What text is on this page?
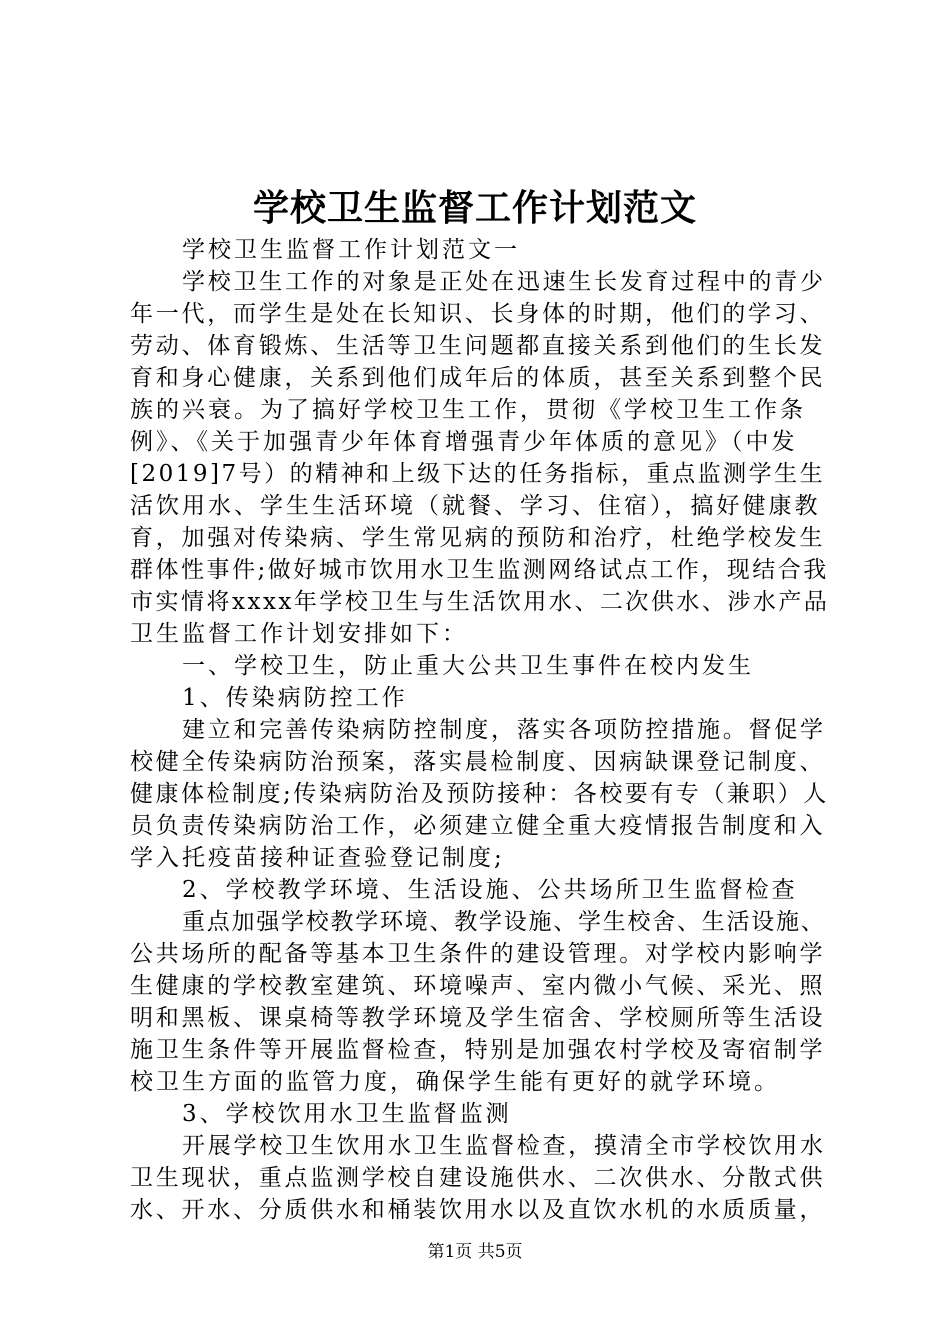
学校卫生监督工作计划范文
学校卫生监督工作计划范文一
学校卫生工作的对象是正处在迅速生长发育过程中的青少
年一代，而学生是处在长知识、长身体的时期，他们的学习、
劳动、体育锻炼、生活等卫生问题都直接关系到他们的生长发
育和身心健康，关系到他们成年后的体质，甚至关系到整个民
族的兴衰。为了搞好学校卫生工作，贯彻《学校卫生工作条
例》、《关于加强青少年体育增强青少年体质的意见》（中发
[2019]7号）的精神和上级下达的任务指标，重点监测学生生
活饮用水、学生生活环境（就餐、学习、住宿），搞好健康教
育，加强对传染病、学生常见病的预防和治疗，杜绝学校发生
群体性事件;做好城市饮用水卫生监测网络试点工作，现结合我
市实情将xxxx年学校卫生与生活饮用水、二次供水、涉水产品
卫生监督工作计划安排如下：
一、学校卫生，防止重大公共卫生事件在校内发生
1、传染病防控工作
建立和完善传染病防控制度，落实各项防控措施。督促学
校健全传染病防治预案，落实晨检制度、因病缺课登记制度、
健康体检制度;传染病防治及预防接种：各校要有专（兼职）人
员负责传染病防治工作，必须建立健全重大疫情报告制度和入
学入托疫苗接种证查验登记制度;
2、学校教学环境、生活设施、公共场所卫生监督检查
重点加强学校教学环境、教学设施、学生校舍、生活设施、
公共场所的配备等基本卫生条件的建设管理。对学校内影响学
生健康的学校教室建筑、环境噪声、室内微小气候、采光、照
明和黑板、课桌椅等教学环境及学生宿舍、学校厕所等生活设
施卫生条件等开展监督检查，特别是加强农村学校及寄宿制学
校卫生方面的监管力度，确保学生能有更好的就学环境。
3、学校饮用水卫生监督监测
开展学校卫生饮用水卫生监督检查，摸清全市学校饮用水
卫生现状，重点监测学校自建设施供水、二次供水、分散式供
水、开水、分质供水和桶装饮用水以及直饮水机的水质质量，
第1页 共5页
